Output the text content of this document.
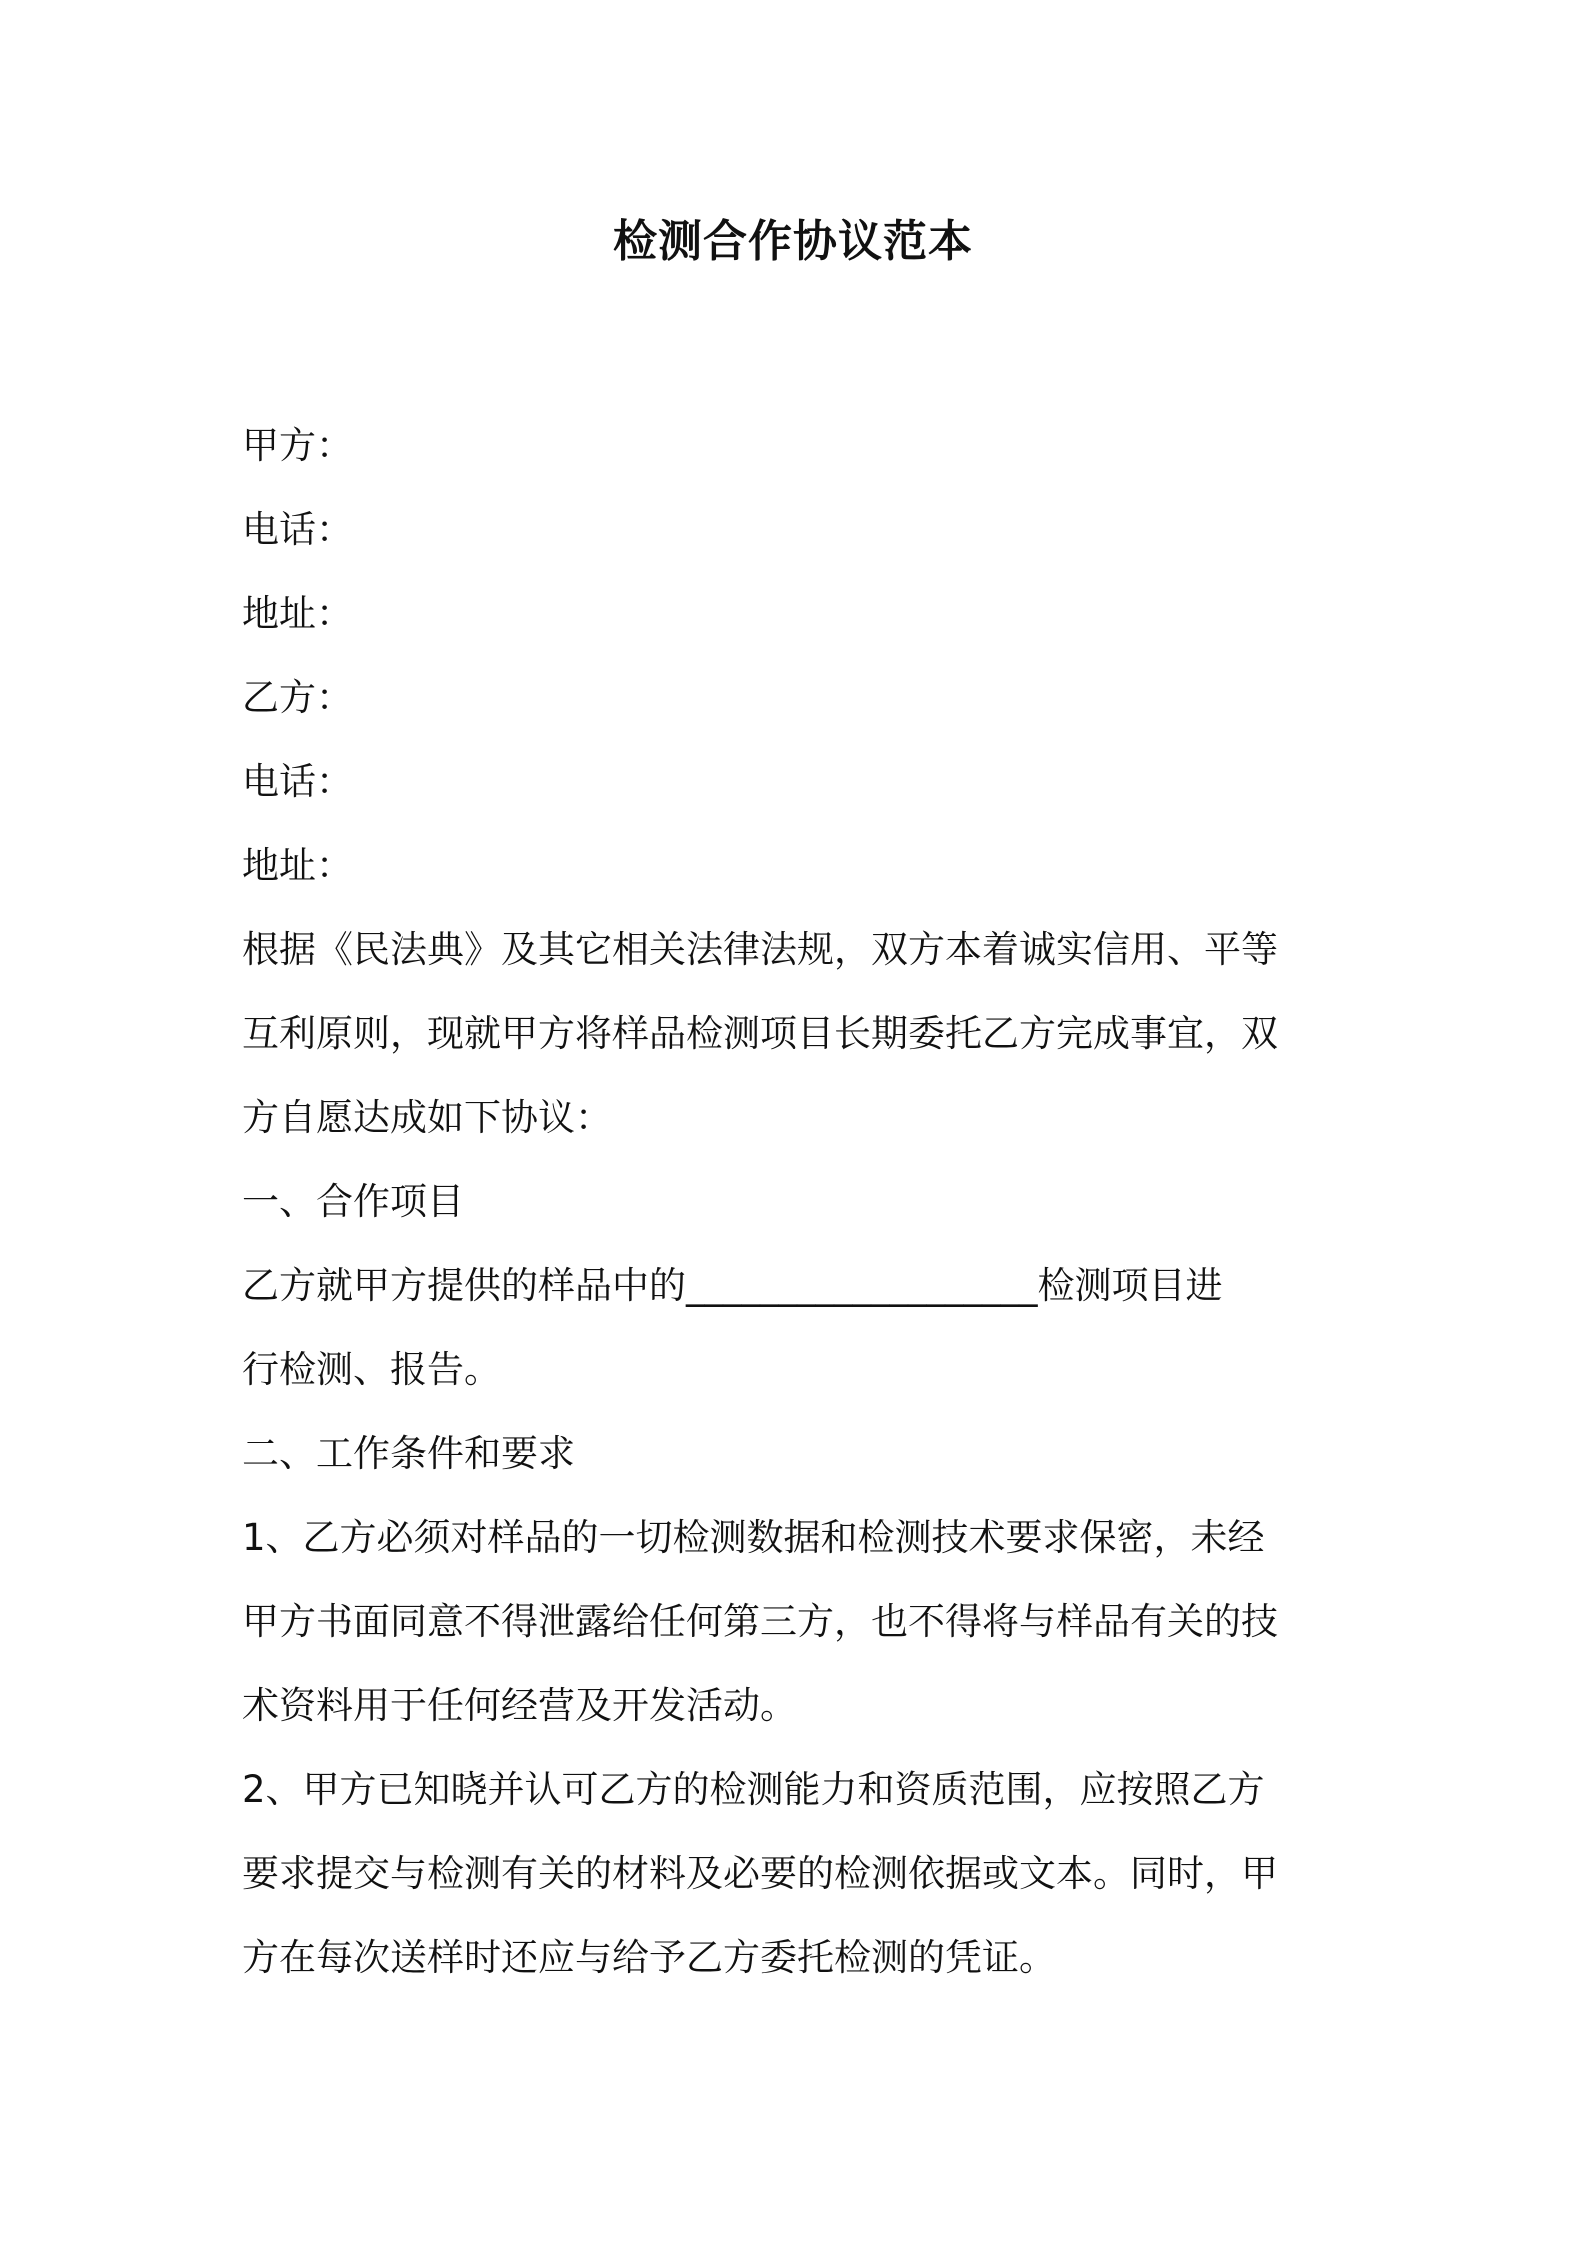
检测合作协议范本
甲方：
电话：
地址：
乙方：
电话：
地址：
根据《民法典》及其它相关法律法规，双方本着诚实信用、平等
互利原则，现就甲方将样品检测项目长期委托乙方完成事宜，双
方自愿达成如下协议：
一、合作项目
乙方就甲方提供的样品中的___________________检测项目进
行检测、报告。
二、工作条件和要求
1、乙方必须对样品的一切检测数据和检测技术要求保密，未经
甲方书面同意不得泄露给任何第三方，也不得将与样品有关的技
术资料用于任何经营及开发活动。
2、甲方已知晓并认可乙方的检测能力和资质范围，应按照乙方
要求提交与检测有关的材料及必要的检测依据或文本。同时，甲
方在每次送样时还应与给予乙方委托检测的凭证。
